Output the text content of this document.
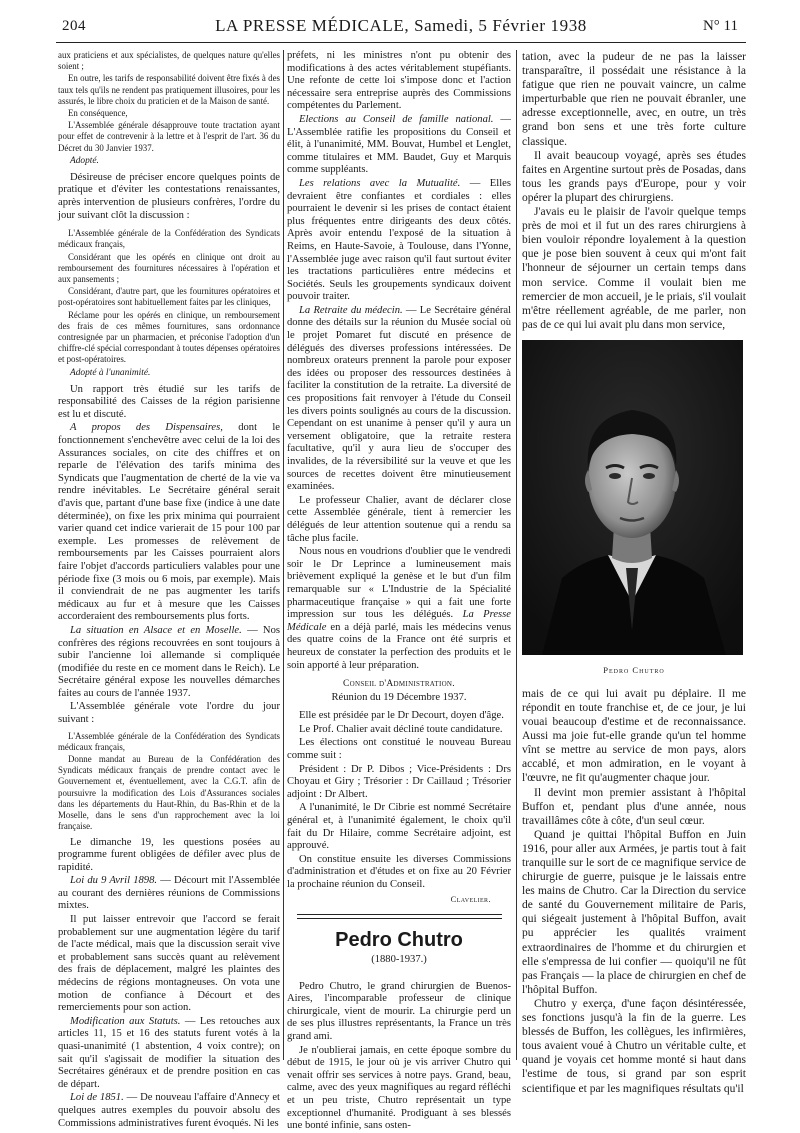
204	LA PRESSE MÉDICALE, Samedi, 5 Février 1938	N° 11

aux praticiens et aux spécialistes, de quelques nature qu'elles soient ;

En outre, les tarifs de responsabilité doivent être fixés à des taux tels qu'ils ne rendent pas pratiquement illusoires, pour les assurés, le libre choix du praticien et de la Maison de santé.

En conséquence,

L'Assemblée générale désapprouve toute tractation ayant pour effet de contrevenir à la lettre et à l'esprit de l'art. 36 du Décret du 30 Janvier 1937.

Adopté.

Désireuse de préciser encore quelques points de pratique et d'éviter les contestations renaissantes, après intervention de plusieurs confrères, l'ordre du jour suivant clôt la discussion :

L'Assemblée générale de la Confédération des Syndicats médicaux français,

Considérant que les opérés en clinique ont droit au remboursement des fournitures nécessaires à l'opération et aux pansements ;

Considérant, d'autre part, que les fournitures opératoires et post-opératoires sont habituellement faites par les cliniques,

Réclame pour les opérés en clinique, un remboursement des frais de ces mêmes fournitures, sans ordonnance contresignée par un pharmacien, et préconise l'adoption d'un chiffre-clé spécial correspondant à toutes dépenses opératoires et post-opératoires.

Adopté à l'unanimité.

Un rapport très étudié sur les tarifs de responsabilité des Caisses de la région parisienne est lu et discuté.

A propos des Dispensaires, dont le fonctionnement s'enchevêtre avec celui de la loi des Assurances sociales, on cite des chiffres et on reparle de l'élévation des tarifs minima des Syndicats que l'augmentation de cherté de la vie va rendre inévitables. Le Secrétaire général serait d'avis que, partant d'une base fixe (indice à une date déterminée), on fixe les prix minima qui pourraient varier quand cet indice varierait de 15 pour 100 par exemple. Les promesses de relèvement de remboursements par les Caisses pourraient alors faire l'objet d'accords particuliers valables pour une période fixe (3 mois ou 6 mois, par exemple). Mais il conviendrait de ne pas augmenter les tarifs médicaux au fur et à mesure que les Caisses accorderaient des remboursements plus forts.

La situation en Alsace et en Moselle. — Nos confrères des régions recouvrées en sont toujours à subir l'ancienne loi allemande si compliquée (modifiée du reste en ce moment dans le Reich). Le Secrétaire général expose les nouvelles démarches faites au cours de l'année 1937.

L'Assemblée générale vote l'ordre du jour suivant :

L'Assemblée générale de la Confédération des Syndicats médicaux français,

Donne mandat au Bureau de la Confédération des Syndicats médicaux français de prendre contact avec le Gouvernement et, éventuellement, avec la C.G.T. afin de poursuivre la modification des Lois d'Assurances sociales dans les départements du Haut-Rhin, du Bas-Rhin et de la Moselle, dans le sens d'un rapprochement avec la loi française.

Le dimanche 19, les questions posées au programme furent obligées de défiler avec plus de rapidité.

Loi du 9 Avril 1898. — Décourt mit l'Assemblée au courant des dernières réunions de Commissions mixtes.

Il put laisser entrevoir que l'accord se ferait probablement sur une augmentation légère du tarif de l'acte médical, mais que la discussion serait vive et probablement sans succès quant au relèvement des frais de déplacement, malgré les plaintes des médecins de régions montagneuses. On vota une motion de confiance à Décourt et des remerciements pour son action.

Modification aux Statuts. — Les retouches aux articles 11, 15 et 16 des statuts furent votés à la quasi-unanimité (1 abstention, 4 voix contre); on sait qu'il s'agissait de modifier la situation des Secrétaires généraux et de prendre position en cas de départ.

Loi de 1851. — De nouveau l'affaire d'Annecy et quelques autres exemples du pouvoir absolu des Commissions administratives furent évoqués. Ni les

préfets, ni les ministres n'ont pu obtenir des modifications à des actes véritablement stupéfiants. Une refonte de cette loi s'impose donc et l'action nécessaire sera entreprise auprès des Commissions compétentes du Parlement.

Elections au Conseil de famille national. — L'Assemblée ratifie les propositions du Conseil et élit, à l'unanimité, MM. Bouvat, Humbel et Lenglet, comme titulaires et MM. Baudet, Guy et Marquis comme suppléants.

Les relations avec la Mutualité. — Elles devraient être confiantes et cordiales : elles pourraient le devenir si les prises de contact étaient plus fréquentes entre dirigeants des deux côtés. Après avoir entendu l'exposé de la situation à Reims, en Haute-Savoie, à Toulouse, dans l'Yonne, l'Assemblée juge avec raison qu'il faut surtout éviter les tractations particulières entre médecins et Sociétés. Seuls les groupements syndicaux doivent pouvoir traiter.

La Retraite du médecin. — Le Secrétaire général donne des détails sur la réunion du Musée social où le projet Pomaret fut discuté en présence de délégués des diverses professions intéressées. De nombreux orateurs prennent la parole pour exposer des idées ou proposer des ressources destinées à faciliter la constitution de la retraite. La diversité de ces propositions fait renvoyer à l'étude du Conseil les divers points soulignés au cours de la discussion. Cependant on est unanime à penser qu'il y aura un versement obligatoire, que la retraite restera facultative, qu'il y aura lieu de s'occuper des invalides, de la réversibilité sur la veuve et que les sources de recettes doivent être minutieusement examinées.

Le professeur Chalier, avant de déclarer close cette Assemblée générale, tient à remercier les délégués de leur attention soutenue qui a rendu sa tâche plus facile.

Nous nous en voudrions d'oublier que le vendredi soir le Dr Leprince a lumineusement mais brièvement expliqué la genèse et le but d'un film remarquable sur « L'Industrie de la Spécialité pharmaceutique française » qui a fait une forte impression sur tous les délégués. La Presse Médicale en a déjà parlé, mais les médecins venus des quatre coins de la France ont été surpris et heureux de constater la perfection des produits et le soin apporté à leur préparation.

Conseil d'Administration.

Réunion du 19 Décembre 1937.

Elle est présidée par le Dr Decourt, doyen d'âge.

Le Prof. Chalier avait décliné toute candidature.

Les élections ont constitué le nouveau Bureau comme suit :

Président : Dr P. Dibos ; Vice-Présidents : Drs Choyau et Giry ; Trésorier : Dr Caillaud ; Trésorier adjoint : Dr Albert.

A l'unanimité, le Dr Cibrie est nommé Secrétaire général et, à l'unanimité également, le choix qu'il fait du Dr Hilaire, comme Secrétaire adjoint, est approuvé.

On constitue ensuite les diverses Commissions d'administration et d'études et on fixe au 20 Février la prochaine réunion du Conseil.

Clavelier.

Pedro Chutro
(1880-1937.)

Pedro Chutro, le grand chirurgien de Buenos-Aires, l'incomparable professeur de clinique chirurgicale, vient de mourir. La chirurgie perd un de ses plus illustres représentants, la France un très grand ami.

Je n'oublierai jamais, en cette époque sombre du début de 1915, le jour où je vis arriver Chutro qui venait offrir ses services à notre pays. Grand, beau, calme, avec des yeux magnifiques au regard réfléchi et un peu triste, Chutro représentait un type exceptionnel d'humanité. Prodiguant à ses blessés une bonté infinie, sans osten-

tation, avec la pudeur de ne pas la laisser transparaître, il possédait une résistance à la fatigue que rien ne pouvait vaincre, un calme imperturbable que rien ne pouvait ébranler, une adresse exceptionnelle, avec, en outre, un très grand bon sens et une très forte culture classique.

Il avait beaucoup voyagé, après ses études faites en Argentine surtout près de Posadas, dans tous les grands pays d'Europe, pour y voir opérer la plupart des chirurgiens.

J'avais eu le plaisir de l'avoir quelque temps près de moi et il fut un des rares chirurgiens à bien vouloir répondre loyalement à la question que je pose bien souvent à ceux qui m'ont fait l'honneur de séjourner un certain temps dans mon service. Comme il voulait bien me remercier de mon accueil, je le priais, s'il voulait m'être réellement agréable, de me parler, non pas de ce qui lui avait plu dans mon service,

Pedro Chutro

mais de ce qui lui avait pu déplaire. Il me répondit en toute franchise et, de ce jour, je lui vouai beaucoup d'estime et de reconnaissance. Aussi ma joie fut-elle grande qu'un tel homme vînt se mettre au service de mon pays, alors accablé, et mon admiration, en le voyant à l'œuvre, ne fit qu'augmenter chaque jour.

Il devint mon premier assistant à l'hôpital Buffon et, pendant plus d'une année, nous travaillâmes côte à côte, d'un seul cœur.

Quand je quittai l'hôpital Buffon en Juin 1916, pour aller aux Armées, je partis tout à fait tranquille sur le sort de ce magnifique service de chirurgie de guerre, puisque je le laissais entre les mains de Chutro. Car la Direction du service de santé du Gouvernement militaire de Paris, qui siégeait justement à l'hôpital Buffon, avait pu apprécier les qualités vraiment extraordinaires de l'homme et du chirurgien et elle s'empressa de lui confier — quoiqu'il ne fût pas Français — la place de chirurgien en chef de l'hôpital Buffon.

Chutro y exerça, d'une façon désintéressée, ses fonctions jusqu'à la fin de la guerre. Les blessés de Buffon, les collègues, les infirmières, tous avaient voué à Chutro un véritable culte, et quand je voyais cet homme monté si haut dans l'estime de tous, si grand par son esprit scientifique et par les magnifiques résultats qu'il
